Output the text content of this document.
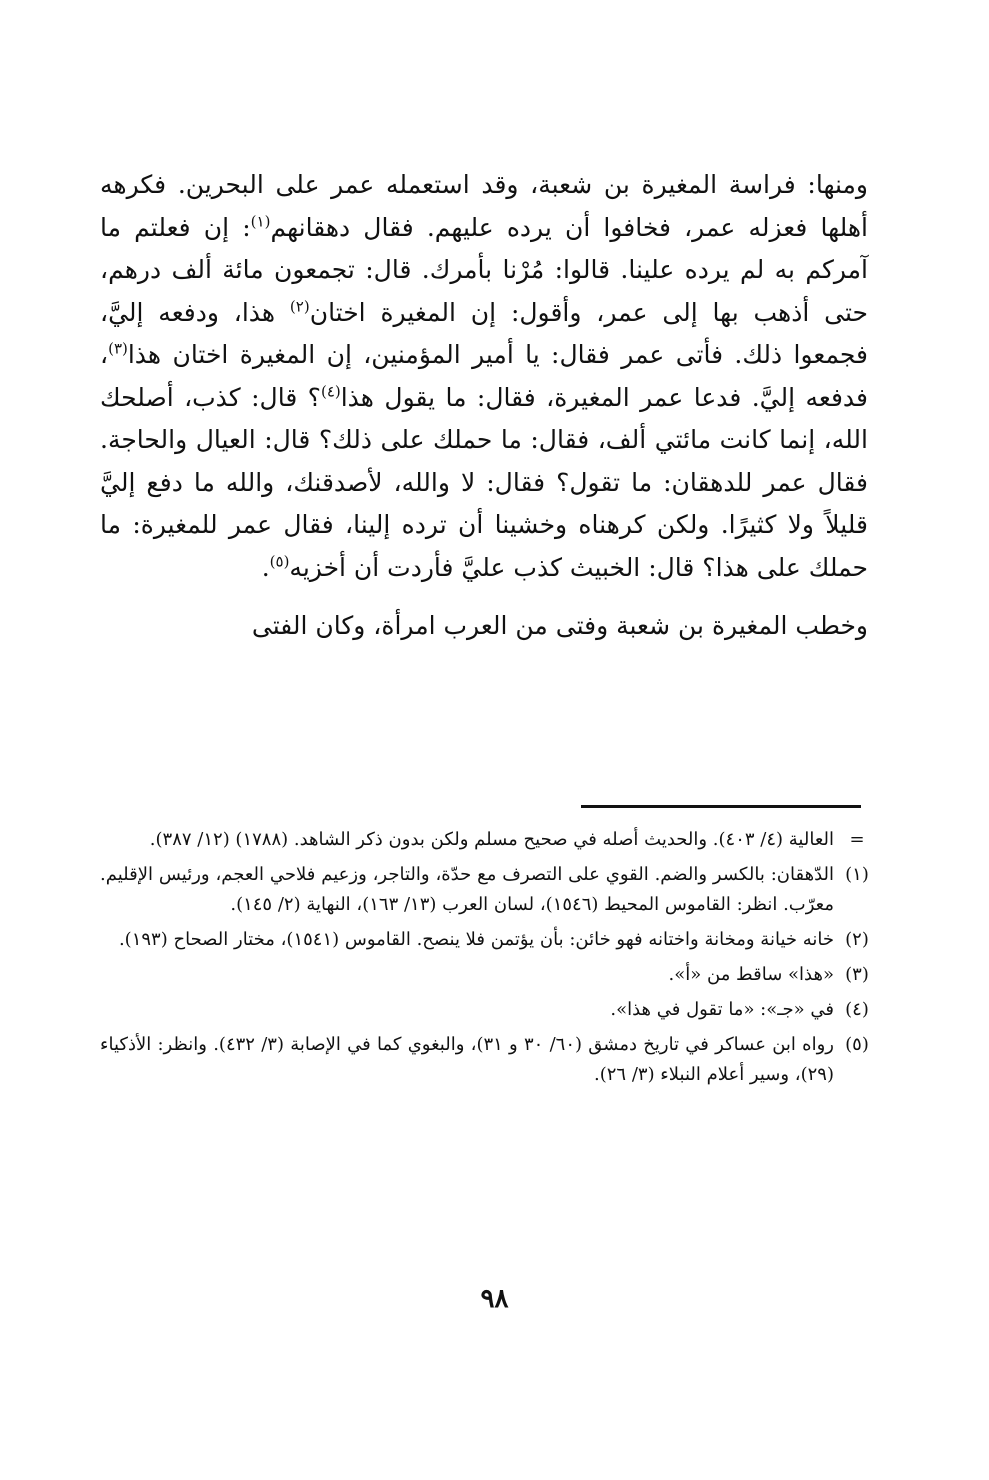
ومنها: فراسة المغيرة بن شعبة، وقد استعمله عمر على البحرين. فكرهه أهلها فعزله عمر، فخافوا أن يرده عليهم. فقال دهقانهم$^{(١)}$: إن فعلتم ما آمركم به لم يرده علينا. قالوا: مُرْنا بأمرك. قال: تجمعون مائة ألف درهم، حتى أذهب بها إلى عمر، وأقول: إن المغيرة اختان$^{(٢)}$ هذا، ودفعه إليَّ، فجمعوا ذلك. فأتى عمر فقال: يا أمير المؤمنين، إن المغيرة اختان هذا$^{(٣)}$، فدفعه إليَّ. فدعا عمر المغيرة، فقال: ما يقول هذا$^{(٤)}$؟ قال: كذب، أصلحك الله، إنما كانت مائتي ألف، فقال: ما حملك على ذلك؟ قال: العيال والحاجة. فقال عمر للدهقان: ما تقول؟ فقال: لا والله، لأصدقنك، والله ما دفع إليَّ قليلاً ولا كثيرًا. ولكن كرهناه وخشينا أن ترده إلينا، فقال عمر للمغيرة: ما حملك على هذا؟ قال: الخبيث كذب عليَّ فأردت أن أخزيه$^{(٥)}$.

وخطب المغيرة بن شعبة وفتى من العرب امرأة، وكان الفتى

=
العالية (٤/ ٤٠٣). والحديث أصله في صحيح مسلم ولكن بدون ذكر الشاهد. (١٧٨٨) (١٢/ ٣٨٧).
(١)
الدّهقان: بالكسر والضم. القوي على التصرف مع حدّة، والتاجر، وزعيم فلاحي العجم، ورئيس الإقليم. معرّب. انظر: القاموس المحيط (١٥٤٦)، لسان العرب (١٣/ ١٦٣)، النهاية (٢/ ١٤٥).
(٢)
خانه خيانة ومخانة واختانه فهو خائن: بأن يؤتمن فلا ينصح. القاموس (١٥٤١)، مختار الصحاح (١٩٣).
(٣)
«هذا» ساقط من «أ».
(٤)
في «جـ»: «ما تقول في هذا».
(٥)
رواه ابن عساكر في تاريخ دمشق (٦٠/ ٣٠ و ٣١)، والبغوي كما في الإصابة (٣/ ٤٣٢). وانظر: الأذكياء (٢٩)، وسير أعلام النبلاء (٣/ ٢٦).
٩٨
